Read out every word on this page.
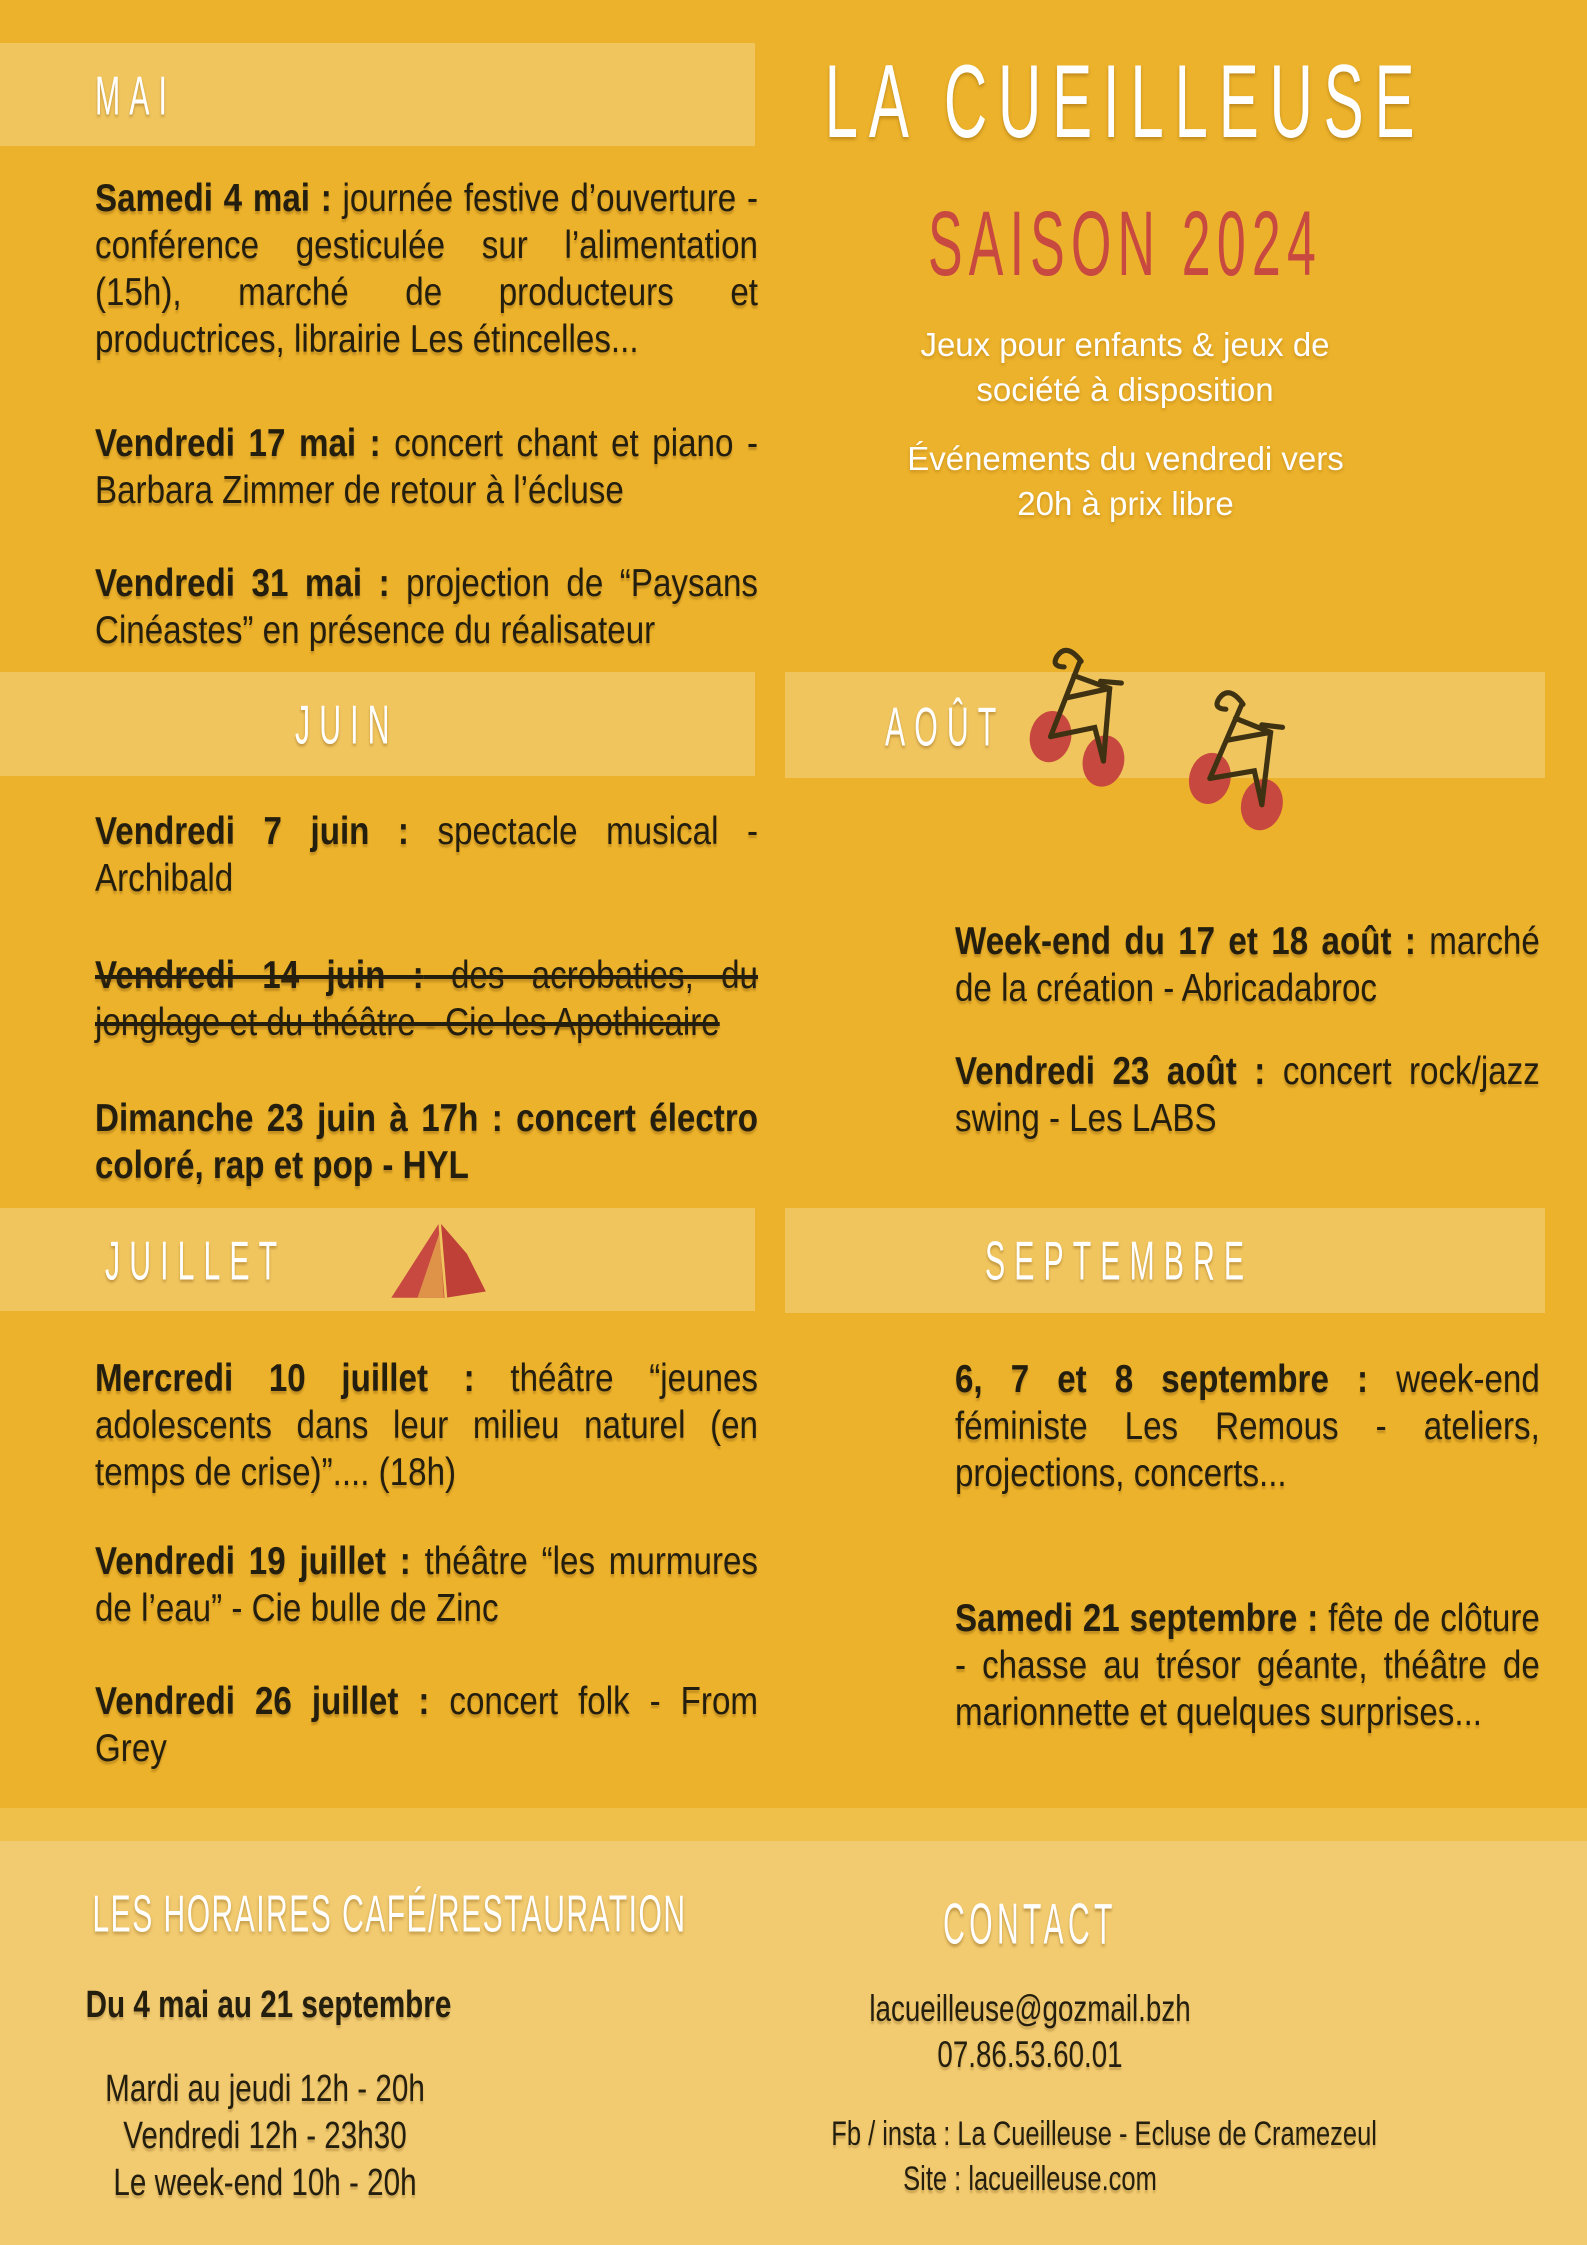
MAI
JUIN
JUILLET
AOÛT
SEPTEMBRE
LA CUEILLEUSE
SAISON 2024
Jeux pour enfants & jeux de société à disposition
Événements du vendredi vers 20h à prix libre
Samedi 4 mai : journée festive d’ouverture - conférence gesticulée sur l’alimentation (15h), marché de producteurs et productrices, librairie Les étincelles...
Vendredi 17 mai : concert chant et piano - Barbara Zimmer de retour à l’écluse
Vendredi 31 mai : projection de “Paysans Cinéastes” en présence du réalisateur
Vendredi 7 juin : spectacle musical - Archibald
Vendredi 14 juin : des acrobaties, du jonglage et du théâtre - Cie les Apothicaire
Dimanche 23 juin à 17h : concert électro coloré, rap et pop - HYL
Mercredi 10 juillet : théâtre “jeunes adolescents dans leur milieu naturel (en temps de crise)”.... (18h)
Vendredi 19 juillet : théâtre “les murmures de l’eau” - Cie bulle de Zinc
Vendredi 26 juillet : concert folk - From Grey
Week-end du 17 et 18 août : marché de la création - Abricadabroc
Vendredi 23 août : concert rock/jazz swing - Les LABS
6, 7 et 8 septembre : week-end féministe Les Remous - ateliers, projections, concerts...
Samedi 21 septembre : fête de clôture - chasse au trésor géante, théâtre de marionnette et quelques surprises...
LES HORAIRES CAFÉ/RESTAURATION
Du 4 mai au 21 septembre
Mardi au jeudi 12h - 20h
Vendredi 12h - 23h30
Le week-end 10h - 20h
CONTACT
lacueilleuse@gozmail.bzh
07.86.53.60.01
Fb / insta : La Cueilleuse - Ecluse de Cramezeul
Site : lacueilleuse.com
